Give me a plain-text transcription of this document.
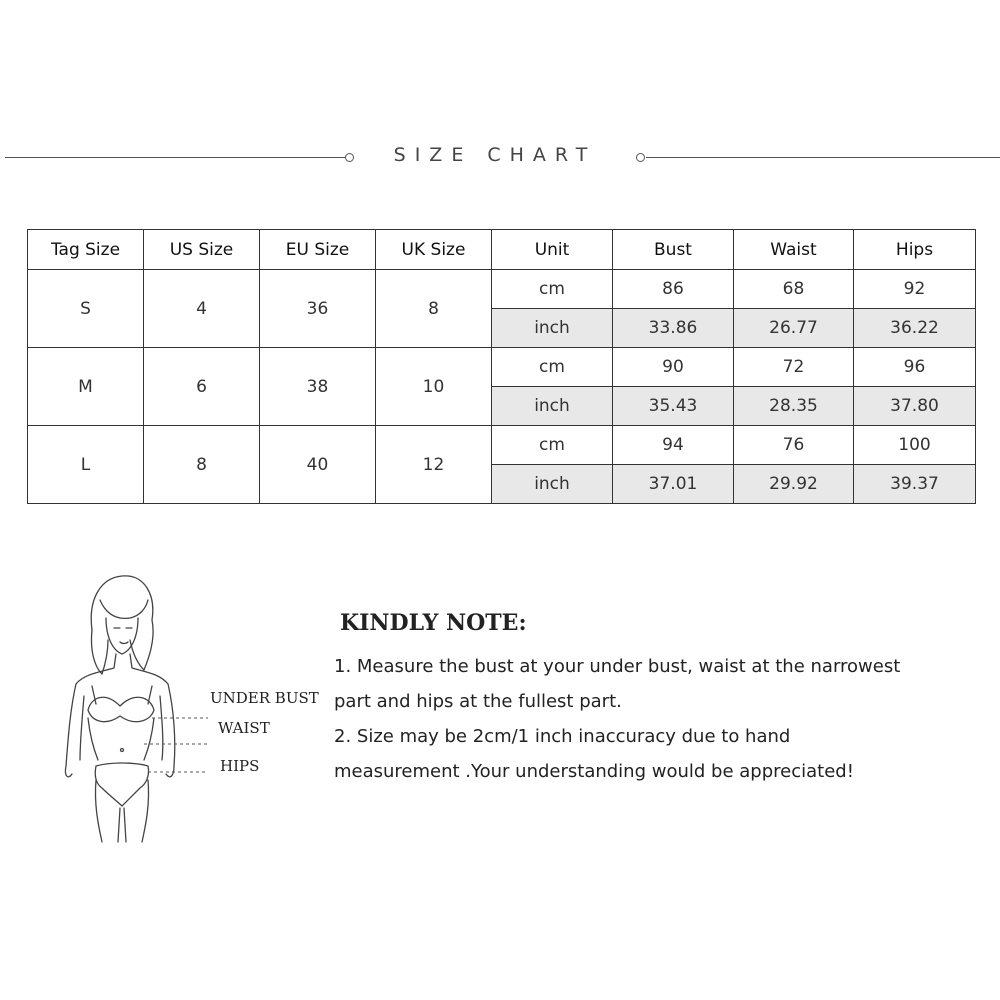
SIZE CHART
Tag Size	US Size	EU Size	UK Size	Unit	Bust	Waist	Hips
S	4	36	8	cm	86	68	92
				inch	33.86	26.77	36.22
M	6	38	10	cm	90	72	96
				inch	35.43	28.35	37.80
L	8	40	12	cm	94	76	100
				inch	37.01	29.92	39.37
UNDER BUST
WAIST
HIPS
KINDLY NOTE:
1. Measure the bust at your under bust, waist at the narrowest
part and hips at the fullest part.
2. Size may be 2cm/1 inch inaccuracy due to hand
measurement .Your understanding would be appreciated!
